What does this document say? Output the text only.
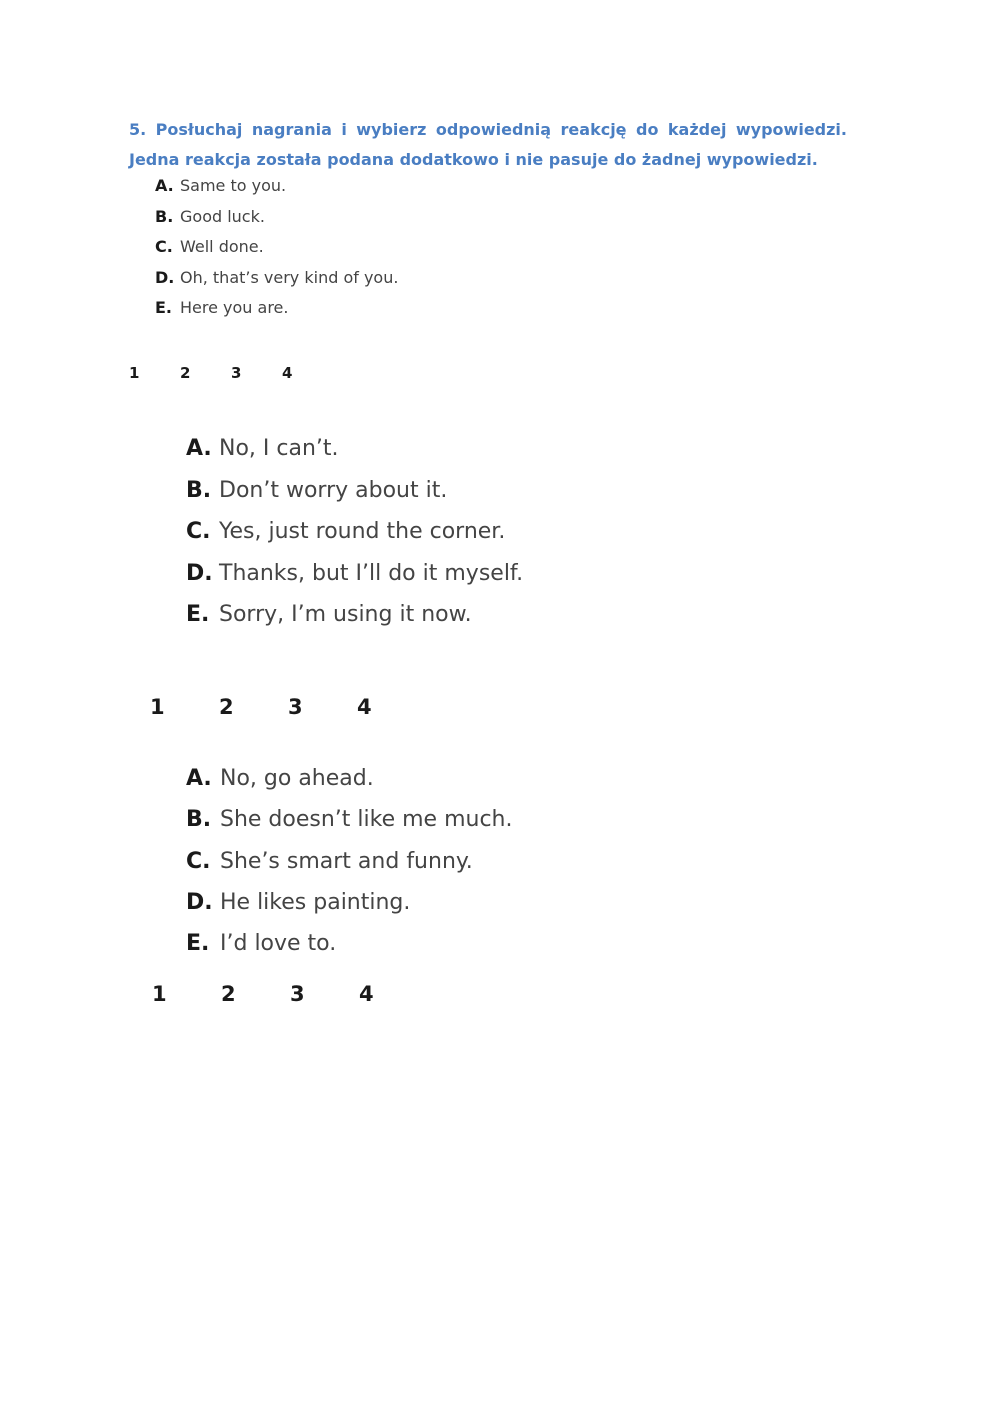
5. Posłuchaj nagrania i wybierz odpowiednią reakcję do każdej wypowiedzi. Jedna reakcja została podana dodatkowo i nie pasuje do żadnej wypowiedzi.
A. Same to you.
B. Good luck.
C. Well done.
D. Oh, that’s very kind of you.
E. Here you are.
1	2	3	4
A. No, I can’t.
B. Don’t worry about it.
C. Yes, just round the corner.
D. Thanks, but I’ll do it myself.
E. Sorry, I’m using it now.
1	2	3	4
A. No, go ahead.
B. She doesn’t like me much.
C. She’s smart and funny.
D. He likes painting.
E. I’d love to.
1	2	3	4
